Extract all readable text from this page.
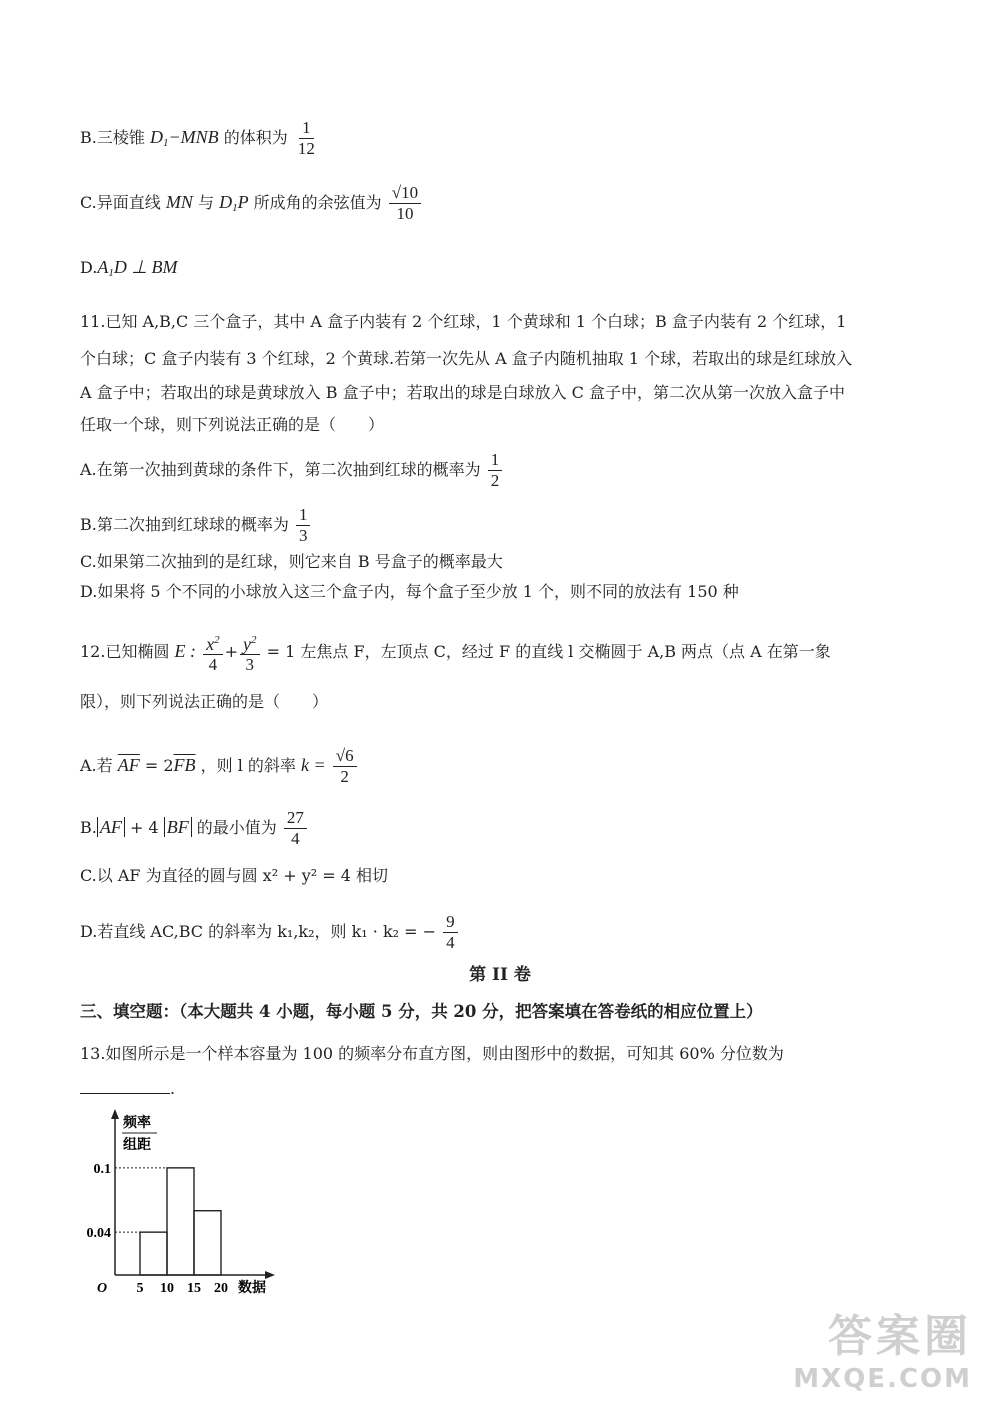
B.三棱锥 $D_1-MNB$ 的体积为 $\frac{1}{12}$
C.异面直线 MN 与 $D_1P$ 所成角的余弦值为 $\frac{√10}{10}$
$D.A_1D$ ⊥ BM
11.已知 A,B,C 三个盒子，其中 A 盒子内装有 2 个红球，1 个黄球和 1 个白球；B 盒子内装有 2 个红球，1
个白球；C 盒子内装有 3 个红球，2 个黄球.若第一次先从 A 盒子内随机抽取 1 个球，若取出的球是红球放入
A 盒子中；若取出的球是黄球放入 B 盒子中；若取出的球是白球放入 C 盒子中，第二次从第一次放入盒子中
任取一个球，则下列说法正确的是（　　）
A.在第一次抽到黄球的条件下，第二次抽到红球的概率为 $\frac{1}{2}$
B.第二次抽到红球球的概率为 $\frac{1}{3}$
C.如果第二次抽到的是红球，则它来自 B 号盒子的概率最大
D.如果将 5 个不同的小球放入这三个盒子内，每个盒子至少放 1 个，则不同的放法有 150 种
12.已知椭圆 E : $\frac{x^2}{4} + \frac{y^2}{3} = 1$ 左焦点 F，左顶点 C，经过 F 的直线 l 交椭圆于 A,B 两点（点 A 在第一象
限），则下列说法正确的是（　　）
A.若 $\overline{AF} = 2\overline{FB}$ ，则 l 的斜率 $k = \frac{√6}{2}$
B. AF + 4 BF 的最小值为 $\frac{27}{4}$
C.以 AF 为直径的圆与圆 x² + y² = 4 相切
D.若直线 AC,BC 的斜率为 k₁,k₂，则 k₁ · k₂ = − $\frac{9}{4}$
第 II 卷
三、填空题：（本大题共 4 小题，每小题 5 分，共 20 分，把答案填在答卷纸的相应位置上）
13.如图所示是一个样本容量为 100 的频率分布直方图，则由图形中的数据，可知其 60% 分位数为
.
频率
组距
O	数据
0.04
0.1
5 10 15 20
答案圈
MXQE.COM
